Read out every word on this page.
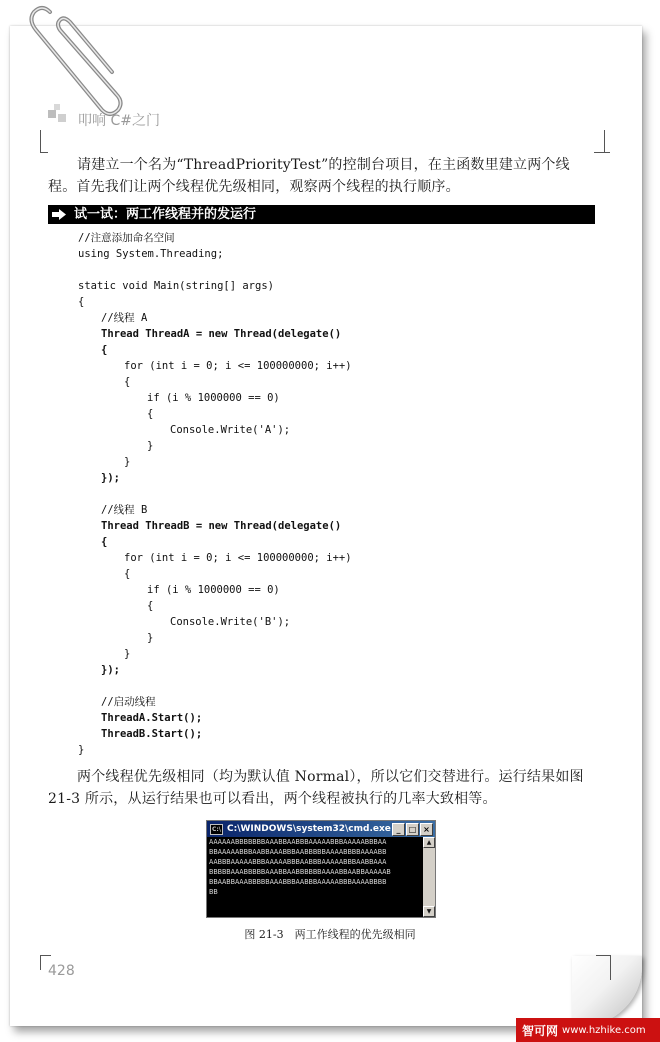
叩响 C#之门
请建立一个名为“ThreadPriorityTest”的控制台项目，在主函数里建立两个线程。首先我们让两个线程优先级相同，观察两个线程的执行顺序。
试一试：两工作线程并的发运行
//注意添加命名空间
using System.Threading;
static void Main(string[] args)
{
//线程 A
Thread ThreadA = new Thread(delegate()
{
for (int i = 0; i <= 100000000; i++)
{
if (i % 1000000 == 0)
{
Console.Write('A');
}
}
});
//线程 B
Thread ThreadB = new Thread(delegate()
{
for (int i = 0; i <= 100000000; i++)
{
if (i % 1000000 == 0)
{
Console.Write('B');
}
}
});
//启动线程
ThreadA.Start();
ThreadB.Start();
}
两个线程优先级相同（均为默认值 Normal），所以它们交替进行。运行结果如图 21-3 所示，从运行结果也可以看出，两个线程被执行的几率大致相等。
C:\ C:\WINDOWS\system32\cmd.exe _	□ ×
AAAAAABBBBBBBAAABBAABBBAAAAABBBAAAAABBBAA
BBAAAAABBBAABBAAABBBAABBBBBAAAABBBBAAAABB
AABBBAAAAABBBAAAAABBBAABBBAAAAABBBAABBAAA
BBBBBAAABBBBBAAABBAABBBBBBAAAABBAABBAAAAAB
BBAABBAAABBBBBAAABBBAABBBAAAAABBBAAAABBBB
BB
▲
▼
图 21-3　两工作线程的优先级相同
428
智可网 www.hzhike.com
